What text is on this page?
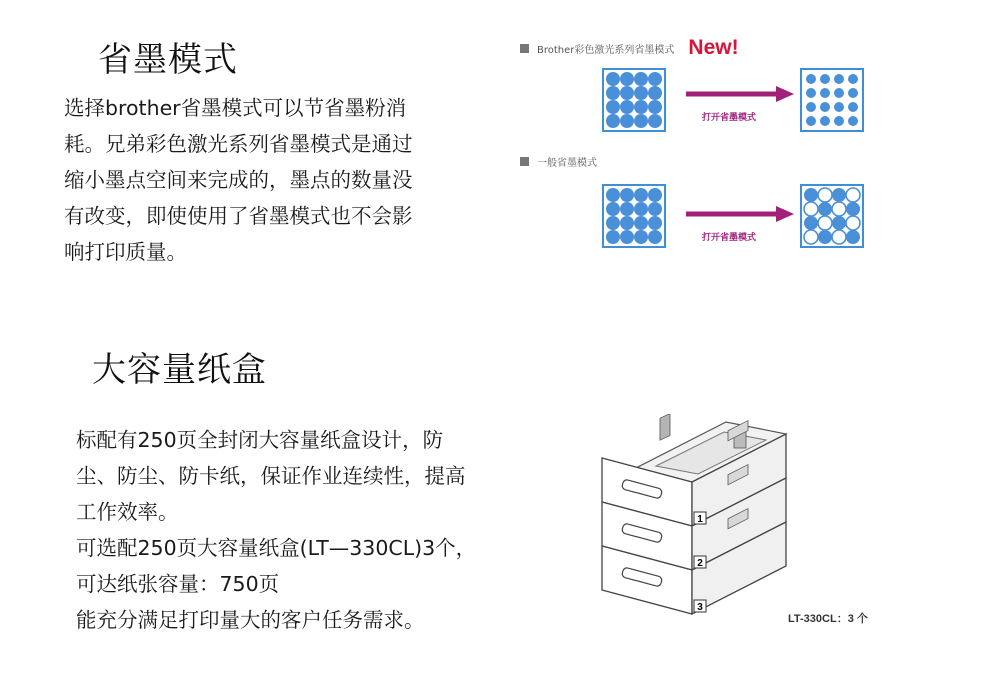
省墨模式
选择brother省墨模式可以节省墨粉消
耗。兄弟彩色激光系列省墨模式是通过
缩小墨点空间来完成的，墨点的数量没
有改变，即使使用了省墨模式也不会影
响打印质量。
Brother彩色激光系列省墨模式 New!
打开省墨模式
一般省墨模式
打开省墨模式
大容量纸盒
标配有250页全封闭大容量纸盒设计，防
尘、防尘、防卡纸，保证作业连续性，提高
工作效率。
可选配250页大容量纸盒(LT—330CL)3个，
可达纸张容量：750页
能充分满足打印量大的客户任务需求。
1
2
3
LT-330CL：3 个
